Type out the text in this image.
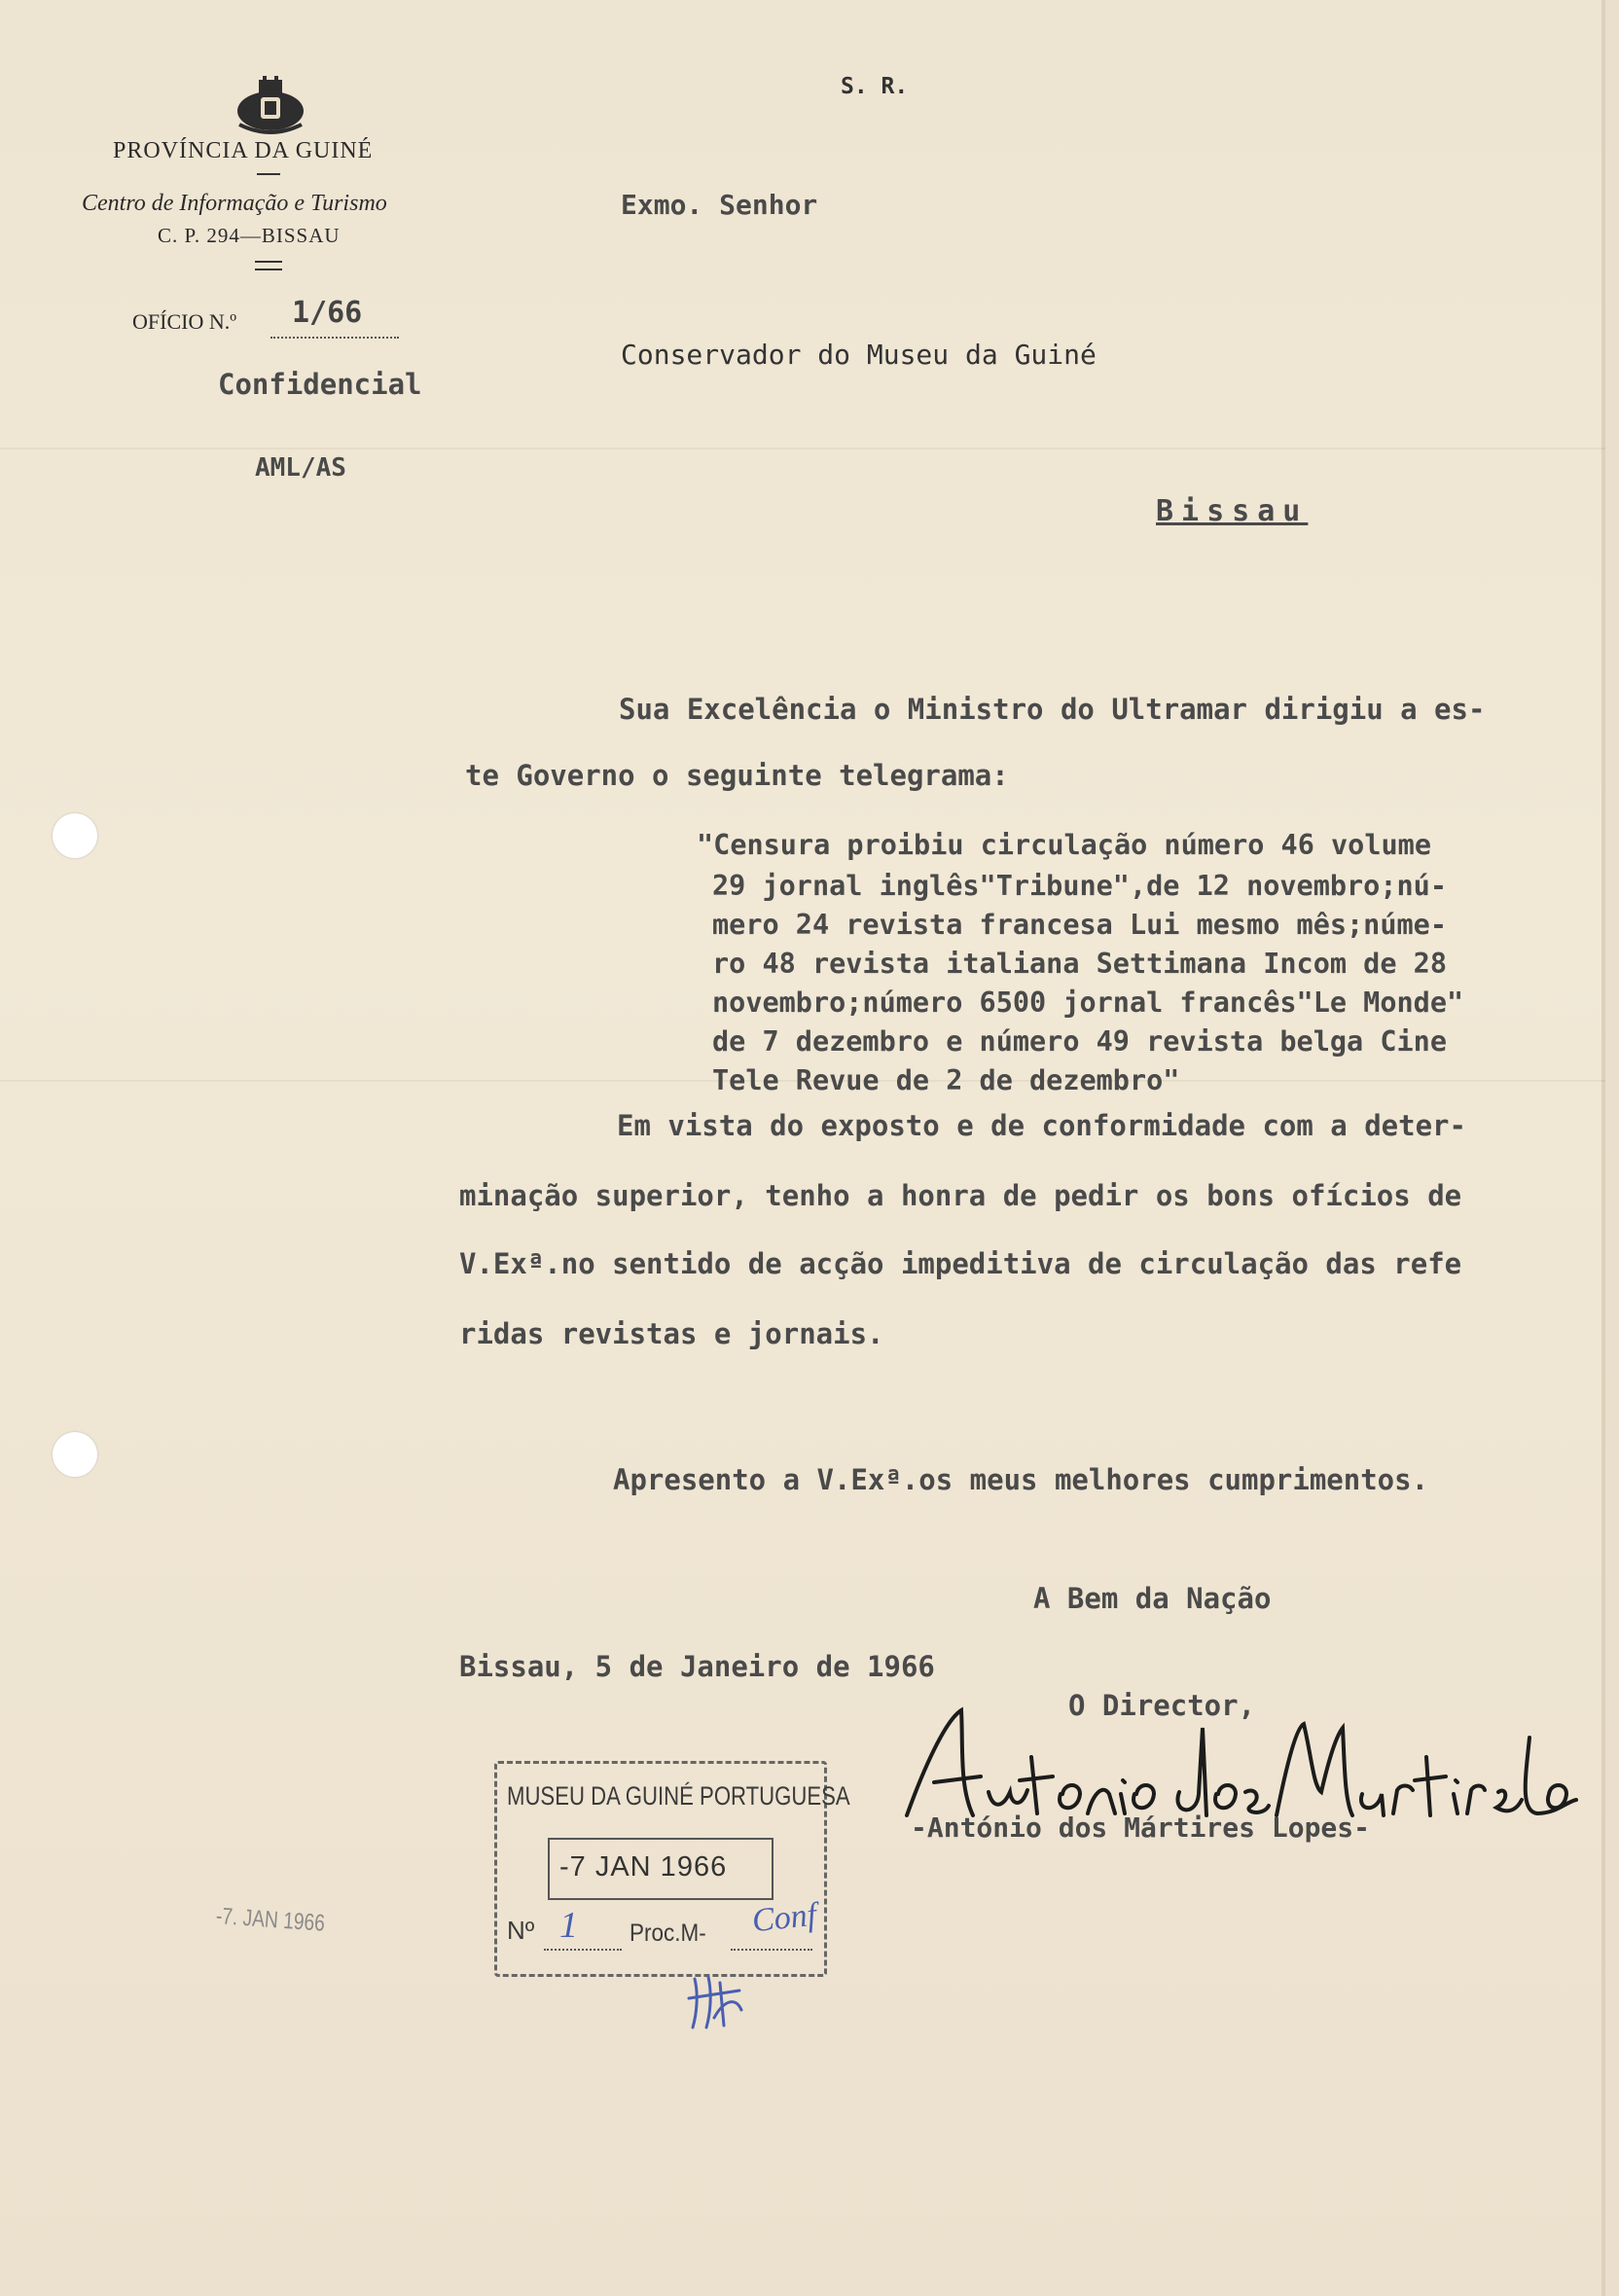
PROVÍNCIA DA GUINÉ
Centro de Informação e Turismo
C. P. 294—BISSAU
OFÍCIO N.º 1/66
Confidencial
AML/AS
S. R.
Exmo. Senhor
Conservador do Museu da Guiné
Bissau
Sua Excelência o Ministro do Ultramar dirigiu a es-
te Governo o seguinte telegrama:
"Censura proibiu circulação número 46 volume
29 jornal inglês"Tribune",de 12 novembro;nú-
mero 24 revista francesa Lui mesmo mês;núme-
ro 48 revista italiana Settimana Incom de 28
novembro;número 6500 jornal francês"Le Monde"
de 7 dezembro e número 49 revista belga Cine
Tele Revue de 2 de dezembro"
Em vista do exposto e de conformidade com a deter-
minação superior, tenho a honra de pedir os bons ofícios de
V.Exª.no sentido de acção impeditiva de circulação das refe
ridas revistas e jornais.
Apresento a V.Exª.os meus melhores cumprimentos.
A Bem da Nação
Bissau, 5 de Janeiro de 1966
O Director,
António dos Mártires Lopes
-António dos Mártires Lopes-
MUSEU DA GUINÉ PORTUGUESA
-7 JAN 1966
Nº 1 Proc.M- Conf
-7. JAN 1966
